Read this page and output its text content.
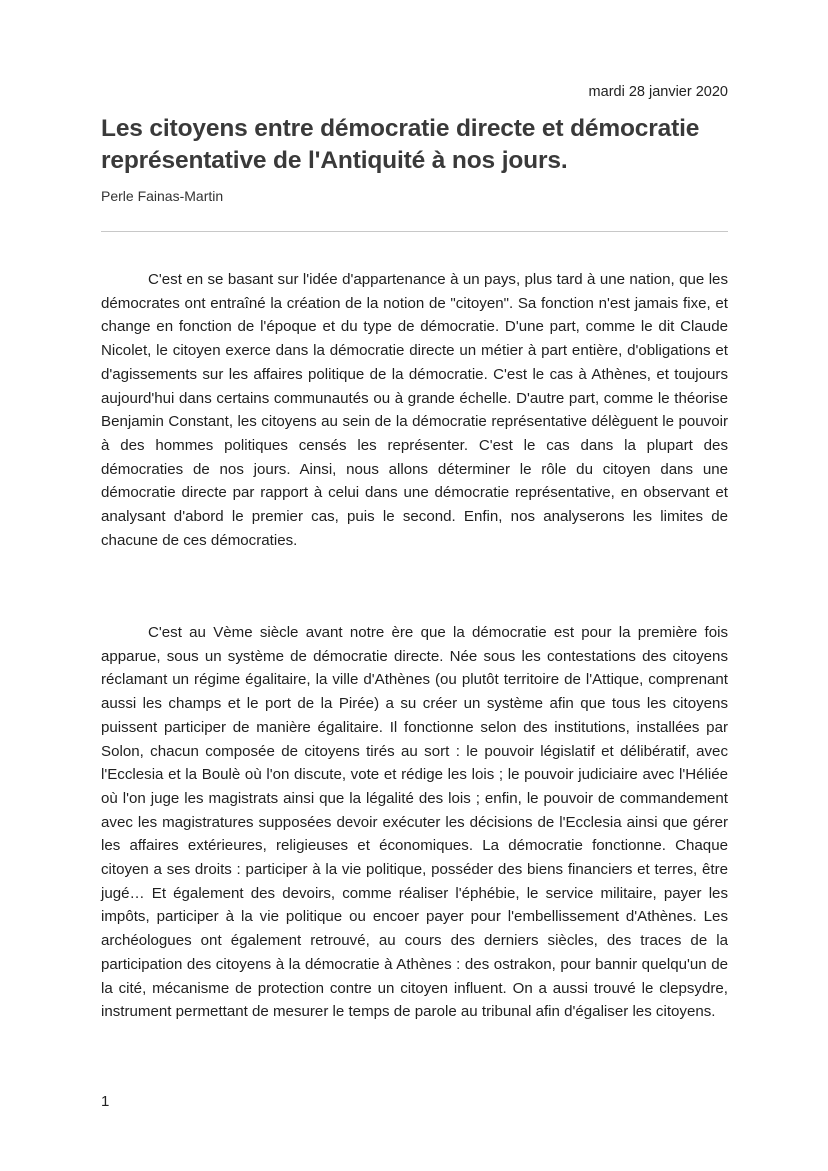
mardi 28 janvier 2020
Les citoyens entre démocratie directe et démocratie représentative de l'Antiquité à nos jours.
Perle Fainas-Martin

C'est en se basant sur l'idée d'appartenance à un pays, plus tard à une nation, que les démocrates ont entraîné la création de la notion de "citoyen". Sa fonction n'est jamais fixe, et change en fonction de l'époque et du type de démocratie. D'une part, comme le dit Claude Nicolet, le citoyen exerce dans la démocratie directe un métier à part entière, d'obligations et d'agissements sur les affaires politique de la démocratie. C'est le cas à Athènes, et toujours aujourd'hui dans certains communautés ou à grande échelle. D'autre part, comme le théorise Benjamin Constant, les citoyens au sein de la démocratie représentative délèguent le pouvoir à des hommes politiques censés les représenter. C'est le cas dans la plupart des démocraties de nos jours. Ainsi, nous allons déterminer le rôle du citoyen dans une démocratie directe par rapport à celui dans une démocratie représentative, en observant et analysant d'abord le premier cas, puis le second. Enfin, nos analyserons les limites de chacune de ces démocraties.

C'est au Vème siècle avant notre ère que la démocratie est pour la première fois apparue, sous un système de démocratie directe. Née sous les contestations des citoyens réclamant un régime égalitaire, la ville d'Athènes (ou plutôt territoire de l'Attique, comprenant aussi les champs et le port de la Pirée) a su créer un système afin que tous les citoyens puissent participer de manière égalitaire. Il fonctionne selon des institutions, installées par Solon, chacun composée de citoyens tirés au sort : le pouvoir législatif et délibératif, avec l'Ecclesia et la Boulè où l'on discute, vote et rédige les lois ; le pouvoir judiciaire avec l'Héliée où l'on juge les magistrats ainsi que la légalité des lois ; enfin, le pouvoir de commandement avec les magistratures supposées devoir exécuter les décisions de l'Ecclesia ainsi que gérer les affaires extérieures, religieuses et économiques. La démocratie fonctionne. Chaque citoyen a ses droits : participer à la vie politique, posséder des biens financiers et terres, être jugé… Et également des devoirs, comme réaliser l'éphébie, le service militaire, payer les impôts, participer à la vie politique ou encoer payer pour l'embellissement d'Athènes. Les archéologues ont également retrouvé, au cours des derniers siècles, des traces de la participation des citoyens à la démocratie à Athènes : des ostrakon, pour bannir quelqu'un de la cité, mécanisme de protection contre un citoyen influent. On a aussi trouvé le clepsydre, instrument permettant de mesurer le temps de parole au tribunal afin d'égaliser les citoyens.

1
